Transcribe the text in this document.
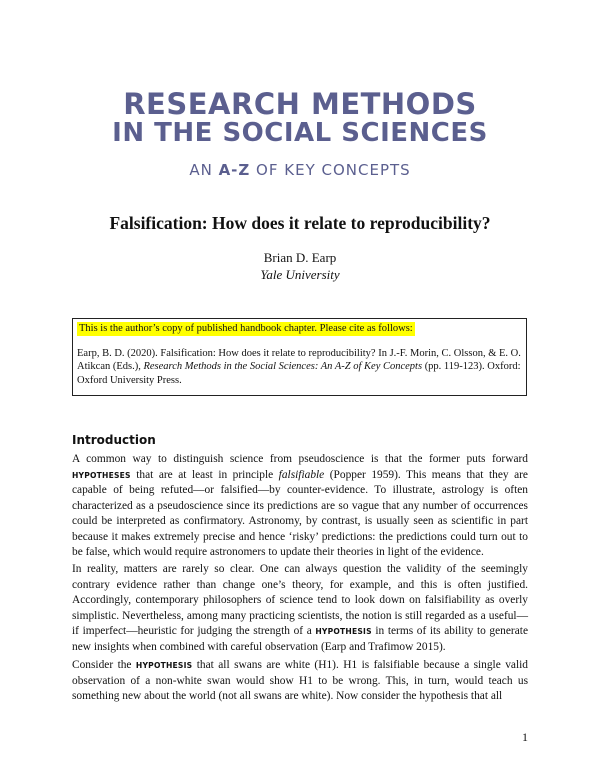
RESEARCH METHODS
IN THE SOCIAL SCIENCES
AN A-Z OF KEY CONCEPTS
Falsification: How does it relate to reproducibility?
Brian D. Earp
Yale University
This is the author’s copy of published handbook chapter. Please cite as follows:
Earp, B. D. (2020). Falsification: How does it relate to reproducibility? In J.-F. Morin, C. Olsson, & E. O. Atikcan (Eds.), Research Methods in the Social Sciences: An A-Z of Key Concepts (pp. 119-123). Oxford: Oxford University Press.
Introduction
A common way to distinguish science from pseudoscience is that the former puts forward HYPOTHESES that are at least in principle falsifiable (Popper 1959). This means that they are capable of being refuted—or falsified—by counter-evidence. To illustrate, astrology is often characterized as a pseudoscience since its predictions are so vague that any number of occurrences could be interpreted as confirmatory. Astronomy, by contrast, is usually seen as scientific in part because it makes extremely precise and hence ‘risky’ predictions: the predictions could turn out to be false, which would require astronomers to update their theories in light of the evidence.
In reality, matters are rarely so clear. One can always question the validity of the seemingly contrary evidence rather than change one’s theory, for example, and this is often justified. Accordingly, contemporary philosophers of science tend to look down on falsifiability as overly simplistic. Nevertheless, among many practicing scientists, the notion is still regarded as a useful—if imperfect—heuristic for judging the strength of a HYPOTHESIS in terms of its ability to generate new insights when combined with careful observation (Earp and Trafimow 2015).
Consider the HYPOTHESIS that all swans are white (H1). H1 is falsifiable because a single valid observation of a non-white swan would show H1 to be wrong. This, in turn, would teach us something new about the world (not all swans are white). Now consider the hypothesis that all
1
